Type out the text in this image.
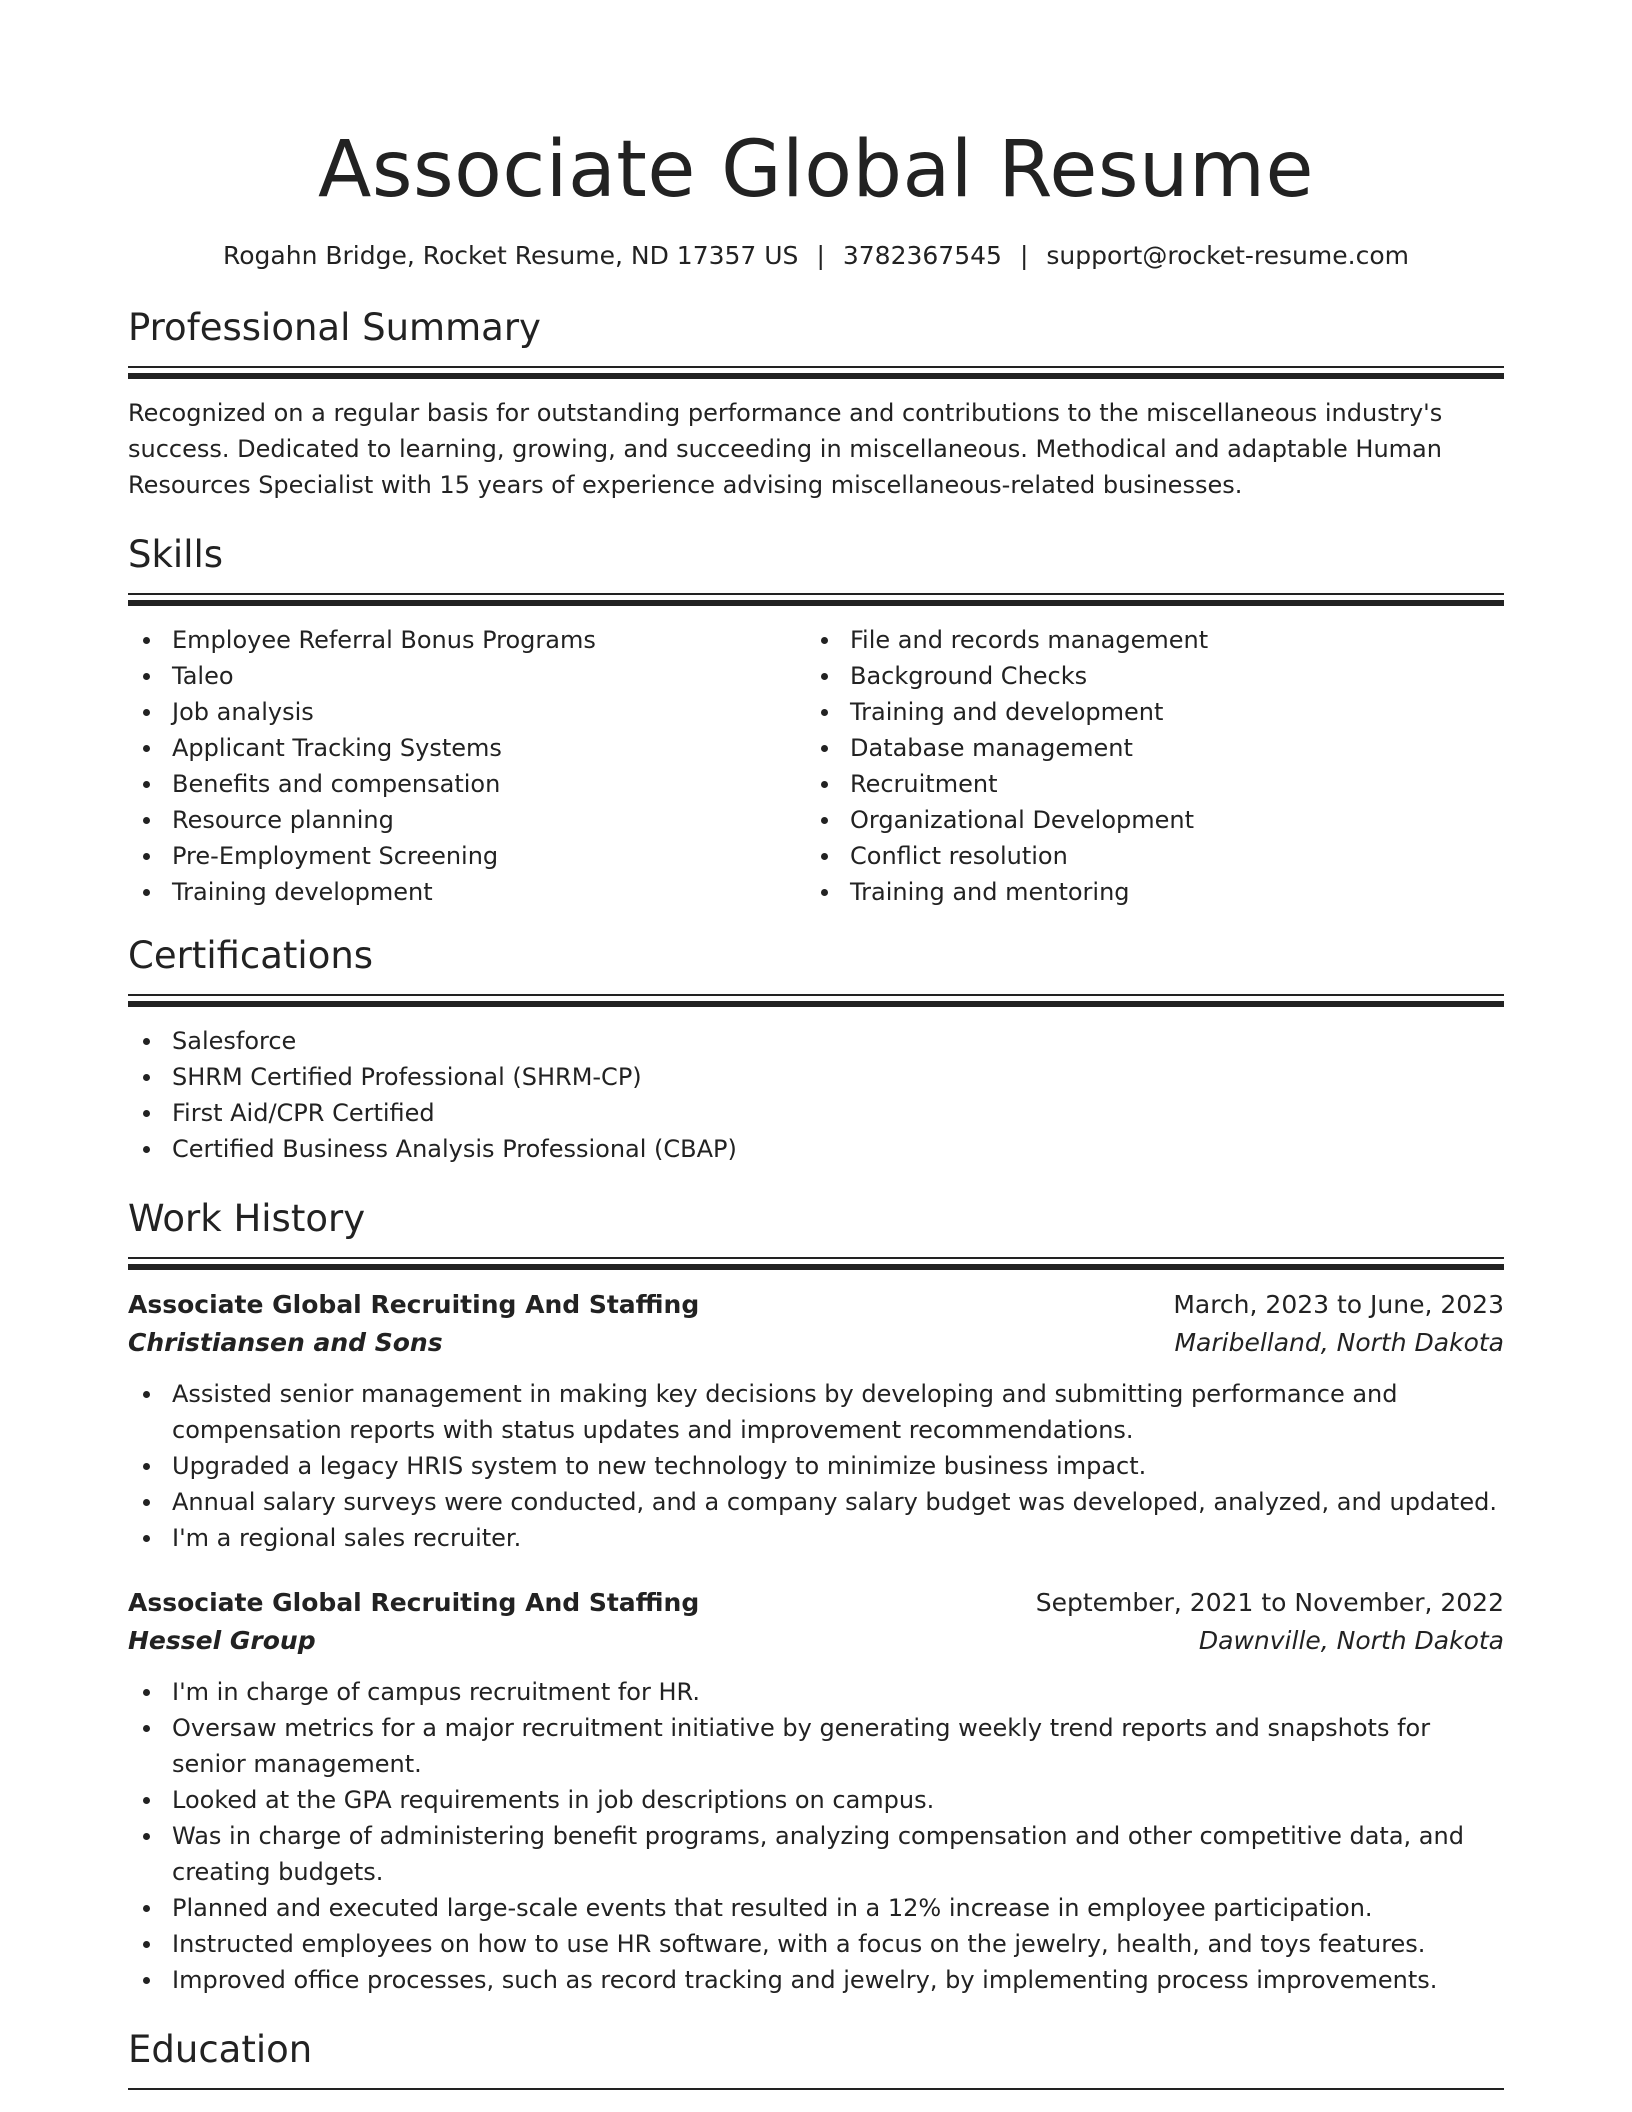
Associate Global Resume
Rogahn Bridge, Rocket Resume, ND 17357 US | 3782367545 | support@rocket-resume.com
Professional Summary

Recognized on a regular basis for outstanding performance and contributions to the miscellaneous industry's success. Dedicated to learning, growing, and succeeding in miscellaneous. Methodical and adaptable Human Resources Specialist with 15 years of experience advising miscellaneous-related businesses.

Skills
Employee Referral Bonus Programs
Taleo
Job analysis
Applicant Tracking Systems
Benefits and compensation
Resource planning
Pre-Employment Screening
Training development
File and records management
Background Checks
Training and development
Database management
Recruitment
Organizational Development
Conflict resolution
Training and mentoring
Certifications
Salesforce
SHRM Certified Professional (SHRM-CP)
First Aid/CPR Certified
Certified Business Analysis Professional (CBAP)
Work History
Associate Global Recruiting And Staffing	March, 2023 to June, 2023
Christiansen and Sons	Maribelland, North Dakota
Assisted senior management in making key decisions by developing and submitting performance and compensation reports with status updates and improvement recommendations.
Upgraded a legacy HRIS system to new technology to minimize business impact.
Annual salary surveys were conducted, and a company salary budget was developed, analyzed, and updated.
I'm a regional sales recruiter.
Associate Global Recruiting And Staffing	September, 2021 to November, 2022
Hessel Group	Dawnville, North Dakota
I'm in charge of campus recruitment for HR.
Oversaw metrics for a major recruitment initiative by generating weekly trend reports and snapshots for senior management.
Looked at the GPA requirements in job descriptions on campus.
Was in charge of administering benefit programs, analyzing compensation and other competitive data, and creating budgets.
Planned and executed large-scale events that resulted in a 12% increase in employee participation.
Instructed employees on how to use HR software, with a focus on the jewelry, health, and toys features.
Improved office processes, such as record tracking and jewelry, by implementing process improvements.
Education
